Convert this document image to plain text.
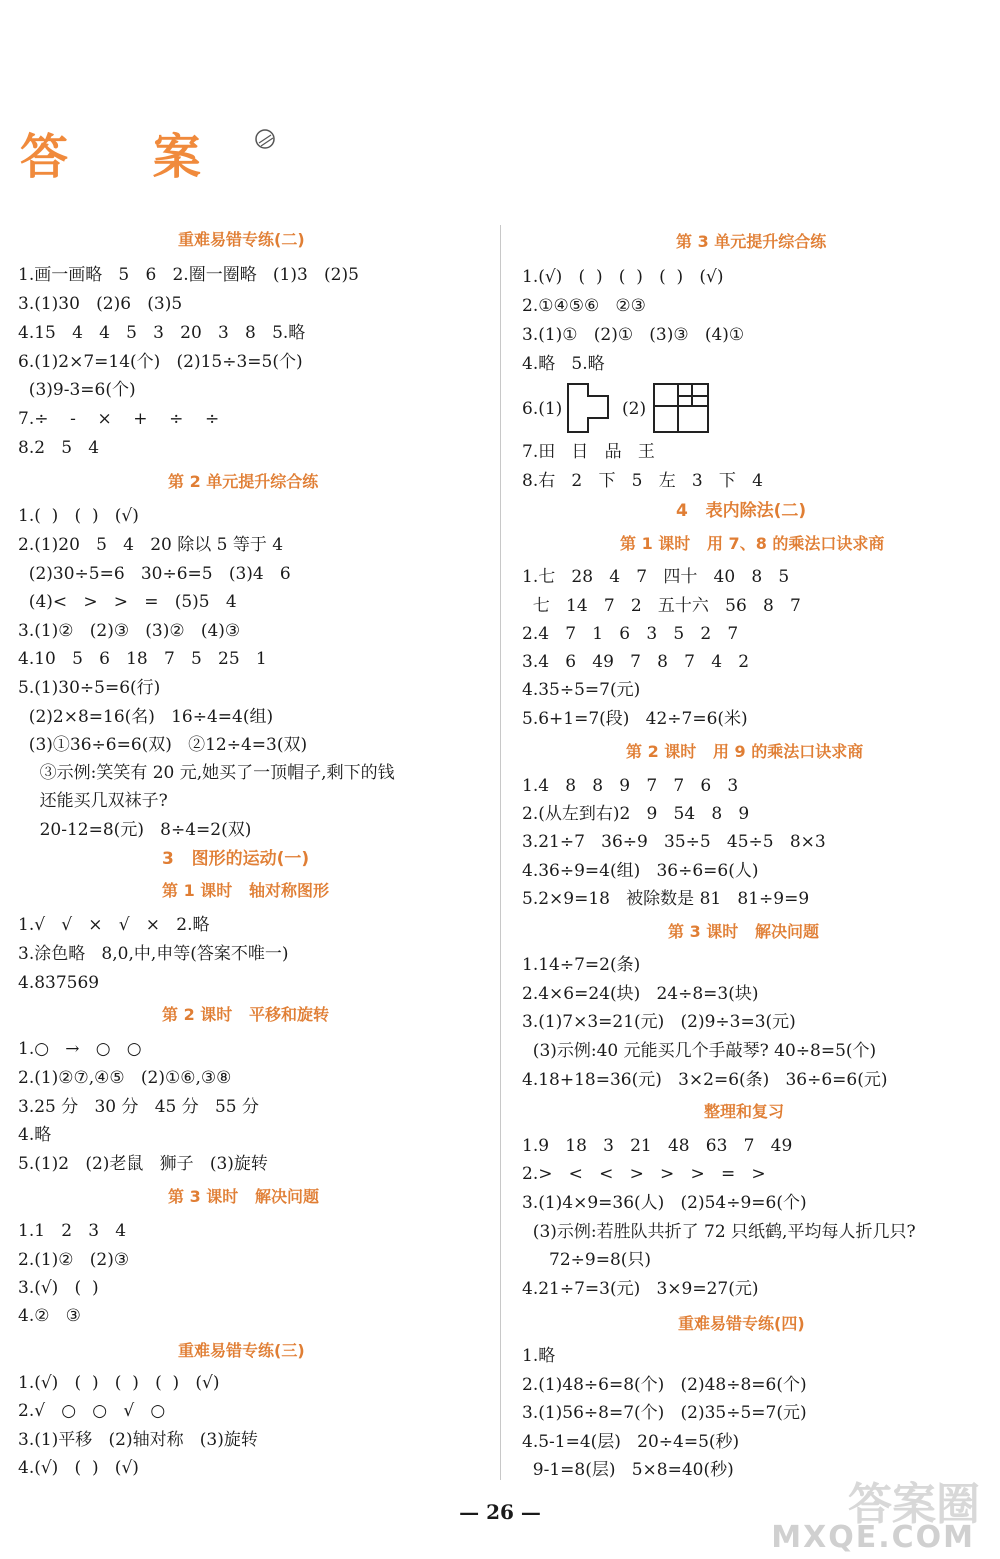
答 案
重难易错专练(二)
1.画一画略   5   6   2.圈一圈略   (1)3   (2)5
3.(1)30   (2)6   (3)5
4.15   4   4   5   3   20   3   8   5.略
6.(1)2×7=14(个)   (2)15÷3=5(个)
(3)9-3=6(个)
7.÷    -    ×    +    ÷    ÷
8.2   5   4
第 2 单元提升综合练
1.(  )   (  )   (√)
2.(1)20   5   4   20 除以 5 等于 4
(2)30÷5=6   30÷6=5   (3)4   6
(4)<   >   >   =   (5)5   4
3.(1)②   (2)③   (3)②   (4)③
4.10   5   6   18   7   5   25   1
5.(1)30÷5=6(行)
(2)2×8=16(名)   16÷4=4(组)
(3)①36÷6=6(双)   ②12÷4=3(双)
③示例:笑笑有 20 元,她买了一顶帽子,剩下的钱
还能买几双袜子?
20-12=8(元)   8÷4=2(双)
3   图形的运动(一)
第 1 课时   轴对称图形
1.√   √   ×   √   ×   2.略
3.涂色略   8,0,中,申等(答案不唯一)
4.837569
第 2 课时   平移和旋转
1.○   →   ○   ○
2.(1)②⑦,④⑤   (2)①⑥,③⑧
3.25 分   30 分   45 分   55 分
4.略
5.(1)2   (2)老鼠   狮子   (3)旋转
第 3 课时   解决问题
1.1   2   3   4
2.(1)②   (2)③
3.(√)   (  )
4.②   ③
重难易错专练(三)
1.(√)   (  )   (  )   (  )   (√)
2.√   ○   ○   √   ○
3.(1)平移   (2)轴对称   (3)旋转
4.(√)   (  )   (√)
第 3 单元提升综合练
1.(√)   (  )   (  )   (  )   (√)
2.①④⑤⑥   ②③
3.(1)①   (2)①   (3)③   (4)①
4.略   5.略
6.(1)	(2)
7.田   日   品   王
8.右   2   下   5   左   3   下   4
4   表内除法(二)
第 1 课时   用 7、8 的乘法口诀求商
1.七   28   4   7   四十   40   8   5
七   14   7   2   五十六   56   8   7
2.4   7   1   6   3   5   2   7
3.4   6   49   7   8   7   4   2
4.35÷5=7(元)
5.6+1=7(段)   42÷7=6(米)
第 2 课时   用 9 的乘法口诀求商
1.4   8   8   9   7   7   6   3
2.(从左到右)2   9   54   8   9
3.21÷7   36÷9   35÷5   45÷5   8×3
4.36÷9=4(组)   36÷6=6(人)
5.2×9=18   被除数是 81   81÷9=9
第 3 课时   解决问题
1.14÷7=2(条)
2.4×6=24(块)   24÷8=3(块)
3.(1)7×3=21(元)   (2)9÷3=3(元)
(3)示例:40 元能买几个手敲琴? 40÷8=5(个)
4.18+18=36(元)   3×2=6(条)   36÷6=6(元)
整理和复习
1.9   18   3   21   48   63   7   49
2.>   <   <   >   >   >   =   >
3.(1)4×9=36(人)   (2)54÷9=6(个)
(3)示例:若胜队共折了 72 只纸鹤,平均每人折几只?
72÷9=8(只)
4.21÷7=3(元)   3×9=27(元)
重难易错专练(四)
1.略
2.(1)48÷6=8(个)   (2)48÷8=6(个)
3.(1)56÷8=7(个)   (2)35÷5=7(元)
4.5-1=4(层)   20÷4=5(秒)
9-1=8(层)   5×8=40(秒)
— 26 —	答案圈
MXQE.COM
